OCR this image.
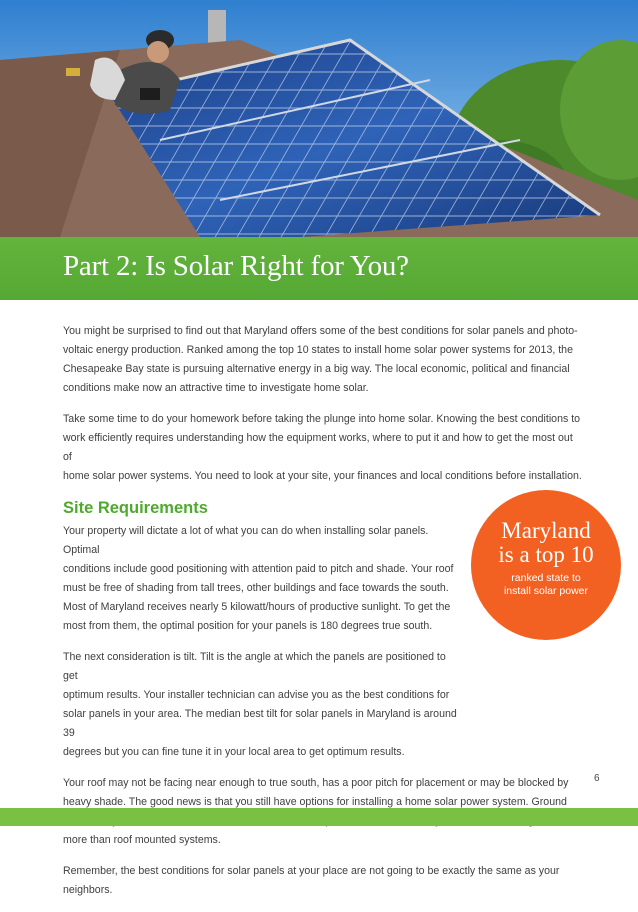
Part 2: Is Solar Right for You?

You might be surprised to find out that Maryland offers some of the best conditions for solar panels and photo-
voltaic energy production. Ranked among the top 10 states to install home solar power systems for 2013, the
Chesapeake Bay state is pursuing alternative energy in a big way. The local economic, political and financial
conditions make now an attractive time to investigate home solar.

Take some time to do your homework before taking the plunge into home solar. Knowing the best conditions to
work efficiently requires understanding how the equipment works, where to put it and how to get the most out of
home solar power systems. You need to look at your site, your finances and local conditions before installation.

Site Requirements

Your property will dictate a lot of what you can do when installing solar panels. Optimal
conditions include good positioning with attention paid to pitch and shade. Your roof
must be free of shading from tall trees, other buildings and face towards the south.
Most of Maryland receives nearly 5 kilowatt/hours of productive sunlight. To get the
most from them, the optimal position for your panels is 180 degrees true south.

The next consideration is tilt. Tilt is the angle at which the panels are positioned to get
optimum results. Your installer technician can advise you as the best conditions for
solar panels in your area. The median best tilt for solar panels in Maryland is around 39
degrees but you can fine tune it in your local area to get optimum results.

Your roof may not be facing near enough to true south, has a poor pitch for placement or may be blocked by
heavy shade. The good news is that you still have options for installing a home solar power system. Ground

more than roof mounted systems.

Remember, the best conditions for solar panels at your place are not going to be exactly the same as your neighbors.

Maryland
is a top 10
ranked state to
install solar power
6
